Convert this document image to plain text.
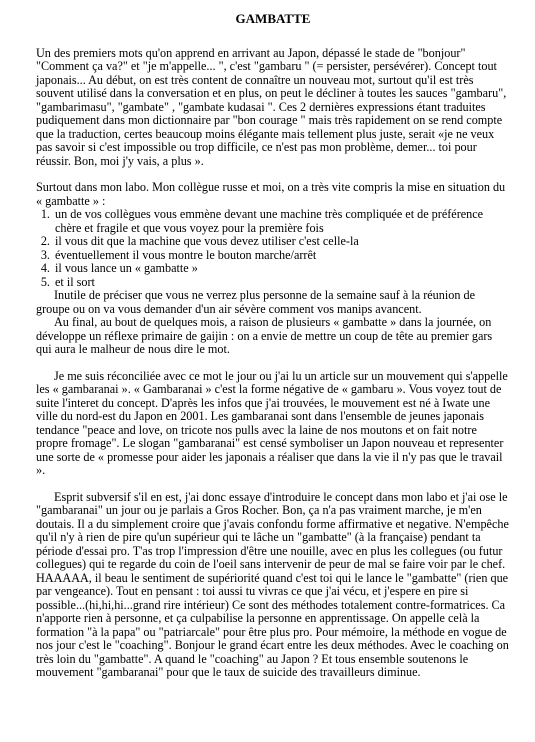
GAMBATTE

Un des premiers mots qu'on apprend en arrivant au Japon, dépassé le stade de "bonjour" "Comment ça va?" et "je m'appelle... ", c'est "gambaru " (= persister, persévérer). Concept tout japonais... Au début, on est très content de connaître un nouveau mot, surtout qu'il est très souvent utilisé dans la conversation et en plus, on peut le décliner à toutes les sauces "gambaru", "gambarimasu", "gambate" , "gambate kudasai ". Ces 2 dernières expressions étant traduites pudiquement dans mon dictionnaire par "bon courage " mais très rapidement on se rend compte que la traduction, certes beaucoup moins élégante mais tellement plus juste, serait «je ne veux pas savoir si c'est impossible ou trop difficile, ce n'est pas mon problème, demer... toi pour réussir. Bon, moi j'y vais, a plus ».

Surtout dans mon labo. Mon collègue russe et moi, on a très vite compris la mise en situation du « gambatte » :

1. un de vos collègues vous emmène devant une machine très compliquée et de préférence chère et fragile et que vous voyez pour la première fois
2. il vous dit que la machine que vous devez utiliser c'est celle-la
3. éventuellement il vous montre le bouton marche/arrêt
4. il vous lance un « gambatte »
5. et il sort

Inutile de préciser que vous ne verrez plus personne de la semaine sauf à la réunion de groupe ou on va vous demander d'un air sévère comment vos manips avancent.

Au final, au bout de quelques mois, a raison de plusieurs « gambatte » dans la journée, on développe un réflexe primaire de gaijin : on a envie de mettre un coup de tête au premier gars qui aura le malheur de nous dire le mot.

Je me suis réconciliée avec ce mot le jour ou j'ai lu un article sur un mouvement qui s'appelle les « gambaranai ». « Gambaranai » c'est la forme négative de « gambaru ». Vous voyez tout de suite l'interet du concept. D'après les infos que j'ai trouvées, le mouvement est né à Iwate une ville du nord-est du Japon en 2001. Les gambaranai sont dans l'ensemble de jeunes japonais tendance "peace and love, on tricote nos pulls avec la laine de nos moutons et on fait notre propre fromage". Le slogan "gambaranai" est censé symboliser un Japon nouveau et representer une sorte de « promesse pour aider les japonais a réaliser que dans la vie il n'y pas que le travail ».

Esprit subversif s'il en est, j'ai donc essaye d'introduire le concept dans mon labo et j'ai ose le "gambaranai" un jour ou je parlais a Gros Rocher. Bon, ça n'a pas vraiment marche, je m'en doutais. Il a du simplement croire que j'avais confondu forme affirmative et negative. N'empêche qu'il n'y à rien de pire qu'un supérieur qui te lâche un "gambatte" (à la française) pendant ta période d'essai pro. T'as trop l'impression d'être une nouille, avec en plus les collegues (ou futur collegues) qui te regarde du coin de l'oeil sans intervenir de peur de mal se faire voir par le chef.

HAAAAA, il beau le sentiment de supériorité quand c'est toi qui le lance le "gambatte" (rien que par vengeance). Tout en pensant : toi aussi tu vivras ce que j'ai vécu, et j'espere en pire si possible...(hi,hi,hi...grand rire intérieur) Ce sont des méthodes totalement contre-formatrices. Ca n'apporte rien à personne, et ça culpabilise la personne en apprentissage. On appelle celà la formation "à la papa" ou "patriarcale" pour être plus pro. Pour mémoire, la méthode en vogue de nos jour c'est le "coaching". Bonjour le grand écart entre les deux méthodes. Avec le coaching on très loin du "gambatte". A quand le "coaching" au Japon ? Et tous ensemble soutenons le mouvement "gambaranai" pour que le taux de suicide des travailleurs diminue.
